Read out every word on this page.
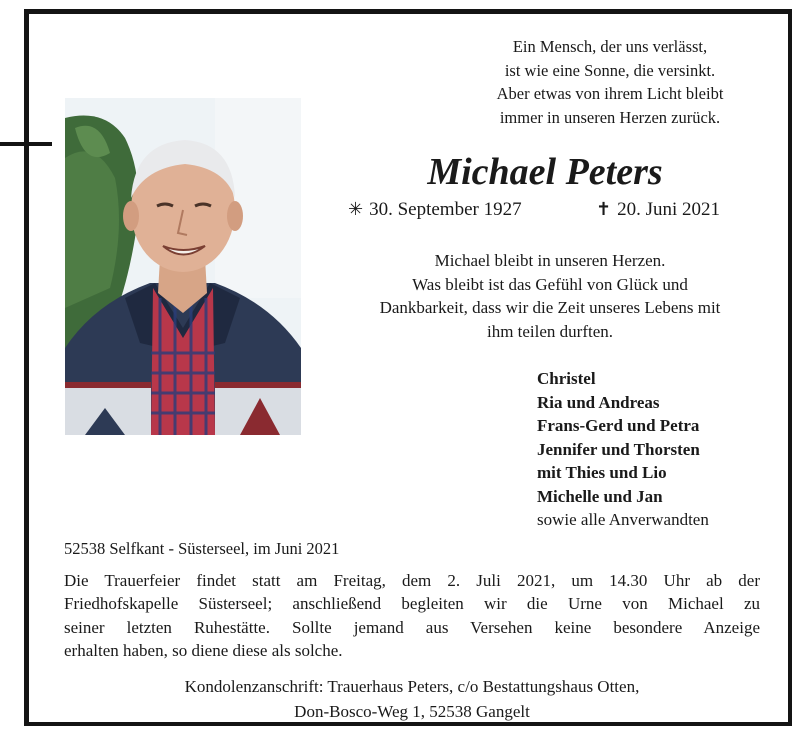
Ein Mensch, der uns verlässt,
ist wie eine Sonne, die versinkt.
Aber etwas von ihrem Licht bleibt
immer in unseren Herzen zurück.
Michael Peters
✳ 30. September 1927	✝ 20. Juni 2021
Michael bleibt in unseren Herzen.
Was bleibt ist das Gefühl von Glück und
Dankbarkeit, dass wir die Zeit unseres Lebens mit
ihm teilen durften.
Christel
Ria und Andreas
Frans-Gerd und Petra
Jennifer und Thorsten
mit Thies und Lio
Michelle und Jan
sowie alle Anverwandten
52538 Selfkant - Süsterseel, im Juni 2021
Die Trauerfeier findet statt am Freitag, dem 2. Juli 2021, um 14.30 Uhr ab der
Friedhofskapelle Süsterseel; anschließend begleiten wir die Urne von Michael zu
seiner letzten Ruhestätte. Sollte jemand aus Versehen keine besondere Anzeige
erhalten haben, so diene diese als solche.
Kondolenzanschrift: Trauerhaus Peters, c/o Bestattungshaus Otten,
Don-Bosco-Weg 1, 52538 Gangelt
